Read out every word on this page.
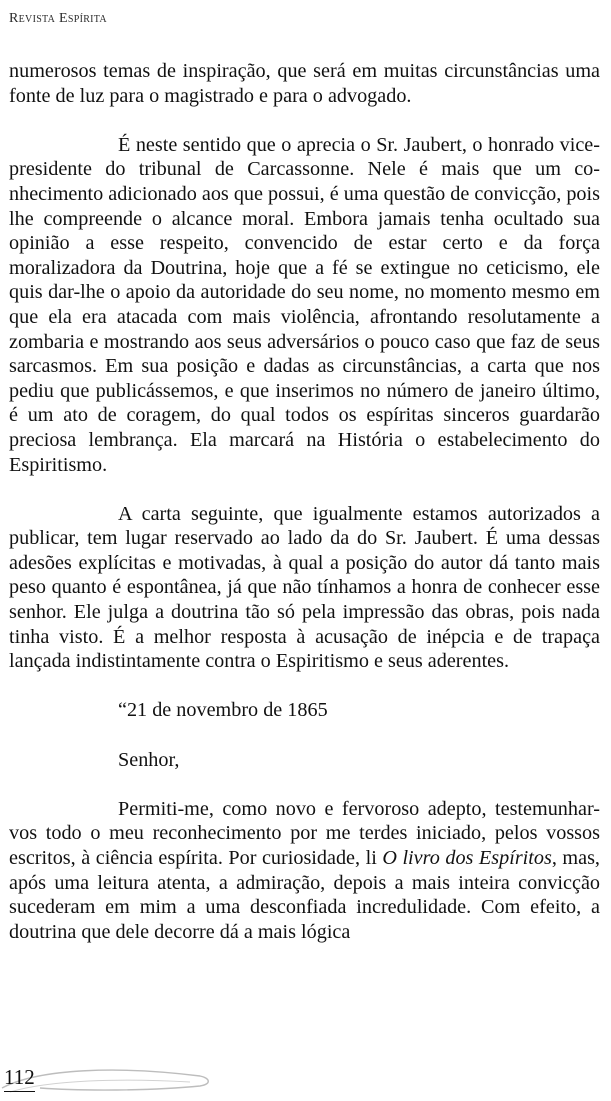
Revista Espírita

numerosos temas de inspiração, que será em muitas circunstâncias uma fonte de luz para o magistrado e para o advogado.

É neste sentido que o aprecia o Sr. Jaubert, o honrado vice-presidente do tribunal de Carcassonne. Nele é mais que um conhecimento adicionado aos que possui, é uma questão de convicção, pois lhe compreende o alcance moral. Embora jamais tenha ocultado sua opinião a esse respeito, convencido de estar certo e da força moralizadora da Doutrina, hoje que a fé se extingue no ceticismo, ele quis dar-lhe o apoio da autoridade do seu nome, no momento mesmo em que ela era atacada com mais violência, afrontando resolutamente a zombaria e mostrando aos seus adversários o pouco caso que faz de seus sarcasmos. Em sua posição e dadas as circunstâncias, a carta que nos pediu que publicássemos, e que inserimos no número de janeiro último, é um ato de coragem, do qual todos os espíritas sinceros guardarão preciosa lembrança. Ela marcará na História o estabelecimento do Espiritismo.

A carta seguinte, que igualmente estamos autorizados a publicar, tem lugar reservado ao lado da do Sr. Jaubert. É uma dessas adesões explícitas e motivadas, à qual a posição do autor dá tanto mais peso quanto é espontânea, já que não tínhamos a honra de conhecer esse senhor. Ele julga a doutrina tão só pela impressão das obras, pois nada tinha visto. É a melhor resposta à acusação de inépcia e de trapaça lançada indistintamente contra o Espiritismo e seus aderentes.

“21 de novembro de 1865

Senhor,

Permiti-me, como novo e fervoroso adepto, testemunhar-vos todo o meu reconhecimento por me terdes iniciado, pelos vossos escritos, à ciência espírita. Por curiosidade, li O livro dos Espíritos, mas, após uma leitura atenta, a admiração, depois a mais inteira convicção sucederam em mim a uma desconfiada incredulidade. Com efeito, a doutrina que dele decorre dá a mais lógica

112
